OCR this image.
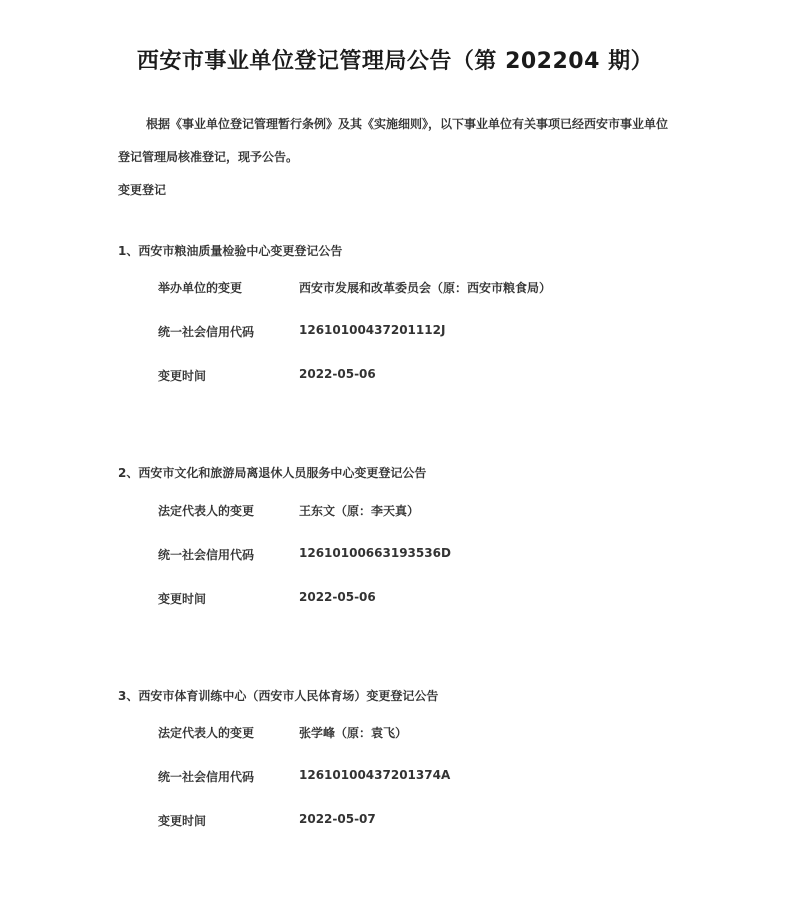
西安市事业单位登记管理局公告（第 202204 期）
根据《事业单位登记管理暂行条例》及其《实施细则》，以下事业单位有关事项已经西安市事业单位登记管理局核准登记，现予公告。
变更登记
1、西安市粮油质量检验中心变更登记公告
举办单位的变更	西安市发展和改革委员会（原：西安市粮食局）
统一社会信用代码	12610100437201112J
变更时间	2022-05-06
2、西安市文化和旅游局离退休人员服务中心变更登记公告
法定代表人的变更	王东文（原：李天真）
统一社会信用代码	12610100663193536D
变更时间	2022-05-06
3、西安市体育训练中心（西安市人民体育场）变更登记公告
法定代表人的变更	张学峰（原：袁飞）
统一社会信用代码	12610100437201374A
变更时间	2022-05-07
